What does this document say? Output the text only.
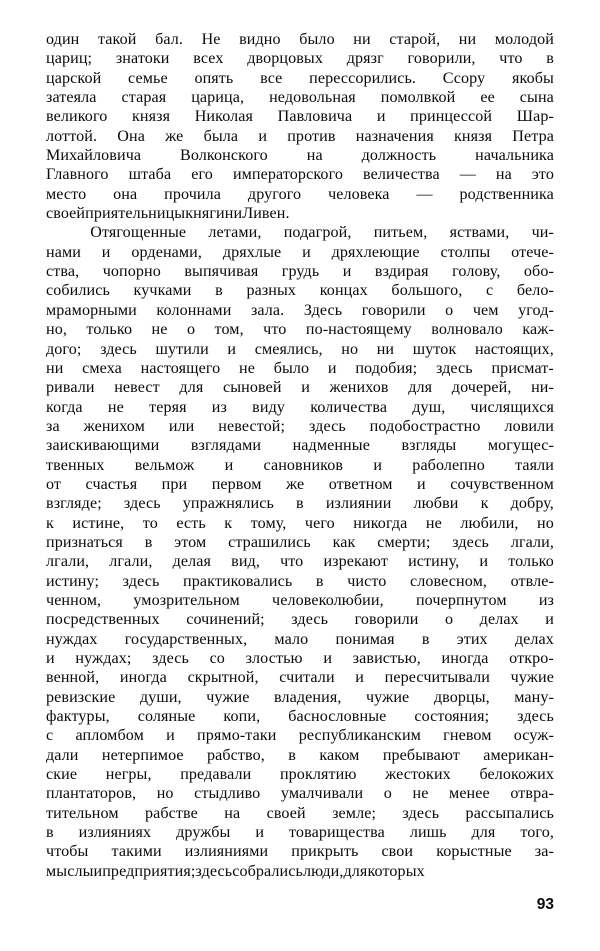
один такой бал. Не видно было ни старой, ни молодой
цариц; знатоки всех дворцовых дрязг говорили, что в
царской семье опять все перессорились. Ссору якобы
затеяла старая царица, недовольная помолвкой ее сына
великого князя Николая Павловича и принцессой Шар-
лоттой. Она же была и против назначения князя Петра
Михайловича Волконского на должность начальника
Главного штаба его императорского величества — на это
место она прочила другого человека — родственника
своей приятельницы княгини Ливен.
Отягощенные	летами,	подагрой,	питьем,	яствами,	чи-
нами и орденами, дряхлые и дряхлеющие столпы отече-
ства, чопорно выпячивая грудь и вздирая голову, обо-
собились кучками в разных концах большого, с бело-
мраморными колоннами зала. Здесь говорили о чем угод-
но, только не о том, что по-настоящему волновало каж-
дого; здесь шутили и смеялись, но ни шуток настоящих,
ни смеха настоящего не было и подобия; здесь присмат-
ривали невест для сыновей и женихов для дочерей, ни-
когда не теряя из виду количества душ, числящихся
за женихом или невестой; здесь подобострастно ловили
заискивающими взглядами надменные взгляды могущес-
твенных вельмож и сановников и раболепно таяли
от счастья при первом же ответном и сочувственном
взгляде; здесь упражнялись в излиянии любви к добру,
к истине, то есть к тому, чего никогда не любили, но
признаться в этом страшились как смерти; здесь лгали,
лгали, лгали, делая вид, что изрекают истину, и только
истину; здесь практиковались в чисто словесном, отвле-
ченном, умозрительном человеколюбии, почерпнутом из
посредственных сочинений; здесь говорили о делах и
нуждах государственных, мало понимая в этих делах
и нуждах; здесь со злостью и завистью, иногда откро-
венной, иногда скрытной, считали и пересчитывали чужие
ревизские души, чужие владения, чужие дворцы, ману-
фактуры, соляные копи, баснословные состояния; здесь
с апломбом и прямо-таки республиканским гневом осуж-
дали нетерпимое рабство, в каком пребывают американ-
ские негры, предавали проклятию жестоких белокожих
плантаторов, но стыдливо умалчивали о не менее отвра-
тительном рабстве на своей земле; здесь рассыпались
в излияниях дружбы и товарищества лишь для того,
чтобы такими излияниями прикрыть свои корыстные за-
мыслы и предприятия; здесь собрались люди, для которых
93
